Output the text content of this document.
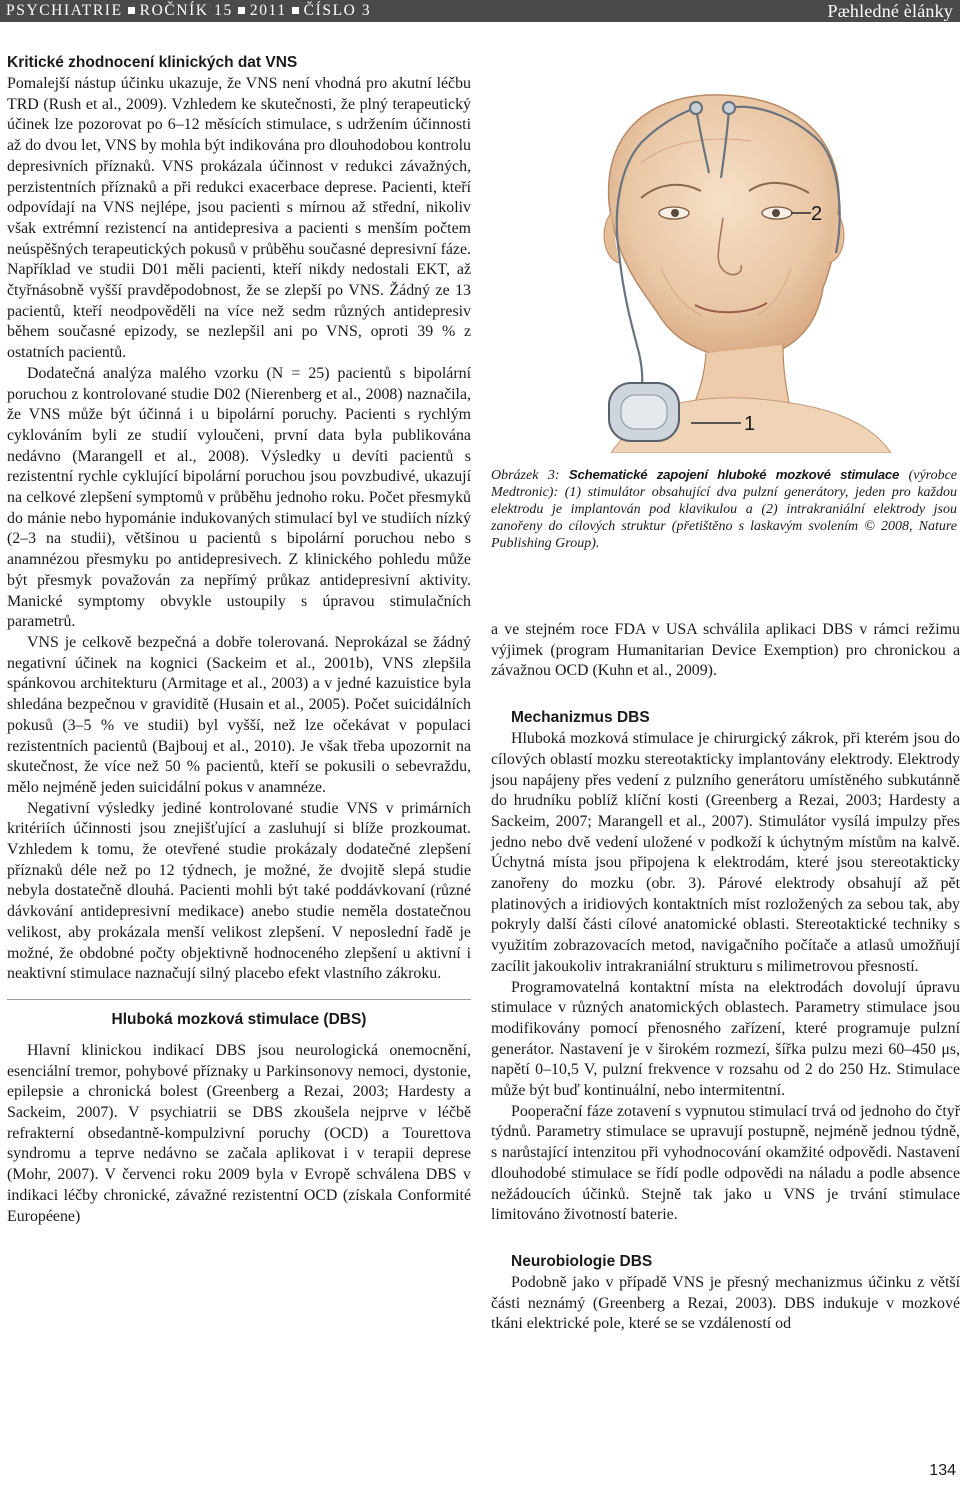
PSYCHIATRIE ROČNÍK 15 2011 ČÍSLO 3	Pæhledné èlánky
Kritické zhodnocení klinických dat VNS

Pomalejší nástup účinku ukazuje, že VNS není vhodná pro akutní léčbu TRD (Rush et al., 2009). Vzhledem ke skutečnosti, že plný terapeutický účinek lze pozorovat po 6–12 měsících stimulace, s udržením účinnosti až do dvou let, VNS by mohla být indikována pro dlouhodobou kontrolu depresivních příznaků. VNS prokázala účinnost v redukci závažných, perzistentních příznaků a při redukci exacerbace deprese. Pacienti, kteří odpovídají na VNS nejlépe, jsou pacienti s mírnou až střední, nikoliv však extrémní rezistencí na antidepresiva a pacienti s menším počtem neúspěšných terapeutických pokusů v průběhu současné depresivní fáze. Například ve studii D01 měli pacienti, kteří nikdy nedostali EKT, až čtyřnásobně vyšší pravděpodobnost, že se zlepší po VNS. Žádný ze 13 pacientů, kteří neodpověděli na více než sedm různých antidepresiv během současné epizody, se nezlepšil ani po VNS, oproti 39 % z ostatních pacientů.

Dodatečná analýza malého vzorku (N = 25) pacientů s bipolární poruchou z kontrolované studie D02 (Nierenberg et al., 2008) naznačila, že VNS může být účinná i u bipolární poruchy. Pacienti s rychlým cyklováním byli ze studií vyloučeni, první data byla publikována nedávno (Marangell et al., 2008). Výsledky u devíti pacientů s rezistentní rychle cyklující bipolární poruchou jsou povzbudivé, ukazují na celkové zlepšení symptomů v průběhu jednoho roku. Počet přesmyků do mánie nebo hypománie indukovaných stimulací byl ve studiích nízký (2–3 na studii), většinou u pacientů s bipolární poruchou nebo s anamnézou přesmyku po antidepresivech. Z klinického pohledu může být přesmyk považován za nepřímý průkaz antidepresivní aktivity. Manické symptomy obvykle ustoupily s úpravou stimulačních parametrů.

VNS je celkově bezpečná a dobře tolerovaná. Neprokázal se žádný negativní účinek na kognici (Sackeim et al., 2001b), VNS zlepšila spánkovou architekturu (Armitage et al., 2003) a v jedné kazuistice byla shledána bezpečnou v graviditě (Husain et al., 2005). Počet suicidálních pokusů (3–5 % ve studii) byl vyšší, než lze očekávat v populaci rezistentních pacientů (Bajbouj et al., 2010). Je však třeba upozornit na skutečnost, že více než 50 % pacientů, kteří se pokusili o sebevraždu, mělo nejméně jeden suicidální pokus v anamnéze.

Negativní výsledky jediné kontrolované studie VNS v primárních kritériích účinnosti jsou znejišťující a zasluhují si blíže prozkoumat. Vzhledem k tomu, že otevřené studie prokázaly dodatečné zlepšení příznaků déle než po 12 týdnech, je možné, že dvojitě slepá studie nebyla dostatečně dlouhá. Pacienti mohli být také poddávkovaní (různé dávkování antidepresivní medikace) anebo studie neměla dostatečnou velikost, aby prokázala menší velikost zlepšení. V neposlední řadě je možné, že obdobné počty objektivně hodnoceného zlepšení u aktivní i neaktivní stimulace naznačují silný placebo efekt vlastního zákroku.

Hluboká mozková stimulace (DBS)

Hlavní klinickou indikací DBS jsou neurologická onemocnění, esenciální tremor, pohybové příznaky u Parkinsonovy nemoci, dystonie, epilepsie a chronická bolest (Greenberg a Rezai, 2003; Hardesty a Sackeim, 2007). V psychiatrii se DBS zkoušela nejprve v léčbě refrakterní obsedantně-kompulzivní poruchy (OCD) a Tourettova syndromu a teprve nedávno se začala aplikovat i v terapii deprese (Mohr, 2007). V červenci roku 2009 byla v Evropě schválena DBS v indikaci léčby chronické, závažné rezistentní OCD (získala Conformité Européene)

2
1
Obrázek 3: Schematické zapojení hluboké mozkové stimulace (výrobce Medtronic): (1) stimulátor obsahující dva pulzní generátory, jeden pro každou elektrodu je implantován pod klavikulou a (2) intrakraniální elektrody jsou zanořeny do cílových struktur (přetištěno s laskavým svolením © 2008, Nature Publishing Group).

a ve stejném roce FDA v USA schválila aplikaci DBS v rámci režimu výjimek (program Humanitarian Device Exemption) pro chronickou a závažnou OCD (Kuhn et al., 2009).

Mechanizmus DBS

Hluboká mozková stimulace je chirurgický zákrok, při kterém jsou do cílových oblastí mozku stereotakticky implantovány elektrody. Elektrody jsou napájeny přes vedení z pulzního generátoru umístěného subkutánně do hrudníku poblíž klíční kosti (Greenberg a Rezai, 2003; Hardesty a Sackeim, 2007; Marangell et al., 2007). Stimulátor vysílá impulzy přes jedno nebo dvě vedení uložené v podkoží k úchytným místům na kalvě. Úchytná místa jsou připojena k elektrodám, které jsou stereotakticky zanořeny do mozku (obr. 3). Párové elektrody obsahují až pět platinových a iridiových kontaktních míst rozložených za sebou tak, aby pokryly další části cílové anatomické oblasti. Stereotaktické techniky s využitím zobrazovacích metod, navigačního počítače a atlasů umožňují zacílit jakoukoliv intrakraniální strukturu s milimetrovou přesností.

Programovatelná kontaktní místa na elektrodách dovolují úpravu stimulace v různých anatomických oblastech. Parametry stimulace jsou modifikovány pomocí přenosného zařízení, které programuje pulzní generátor. Nastavení je v širokém rozmezí, šířka pulzu mezi 60–450 μs, napětí 0–10,5 V, pulzní frekvence v rozsahu od 2 do 250 Hz. Stimulace může být buď kontinuální, nebo intermitentní.

Pooperační fáze zotavení s vypnutou stimulací trvá od jednoho do čtyř týdnů. Parametry stimulace se upravují postupně, nejméně jednou týdně, s narůstající intenzitou při vyhodnocování okamžité odpovědi. Nastavení dlouhodobé stimulace se řídí podle odpovědi na náladu a podle absence nežádoucích účinků. Stejně tak jako u VNS je trvání stimulace limitováno životností baterie.

Neurobiologie DBS

Podobně jako v případě VNS je přesný mechanizmus účinku z větší části neznámý (Greenberg a Rezai, 2003). DBS indukuje v mozkové tkáni elektrické pole, které se se vzdáleností od

134
